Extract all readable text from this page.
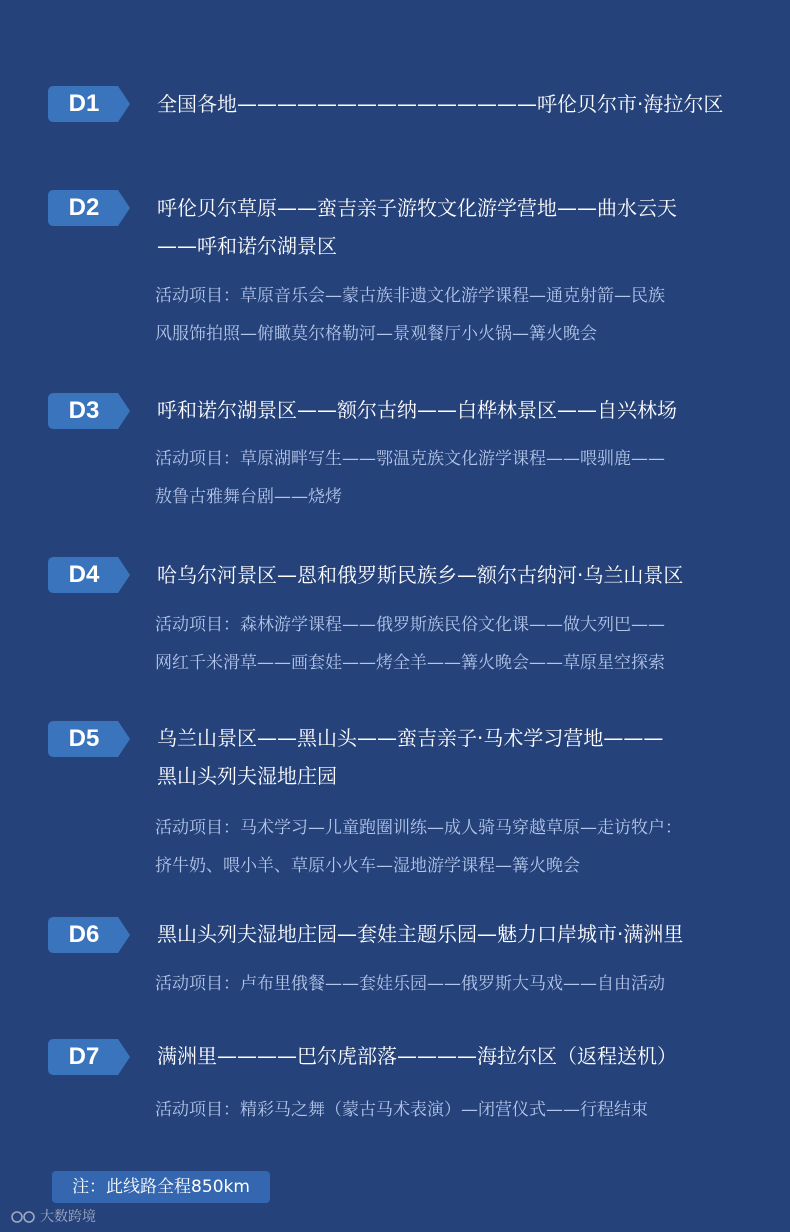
D1	全国各地———————————————呼伦贝尔市·海拉尔区
D2	呼伦贝尔草原——蛮吉亲子游牧文化游学营地——曲水云天
——呼和诺尔湖景区
活动项目：草原音乐会—蒙古族非遗文化游学课程—通克射箭—民族
风服饰拍照—俯瞰莫尔格勒河—景观餐厅小火锅—篝火晚会
D3	呼和诺尔湖景区——额尔古纳——白桦林景区——自兴林场
活动项目：草原湖畔写生——鄂温克族文化游学课程——喂驯鹿——
敖鲁古雅舞台剧——烧烤
D4	哈乌尔河景区—恩和俄罗斯民族乡—额尔古纳河·乌兰山景区
活动项目：森林游学课程——俄罗斯族民俗文化课——做大列巴——
网红千米滑草——画套娃——烤全羊——篝火晚会——草原星空探索
D5	乌兰山景区——黑山头——蛮吉亲子·马术学习营地———
黑山头列夫湿地庄园
活动项目：马术学习—儿童跑圈训练—成人骑马穿越草原—走访牧户：
挤牛奶、喂小羊、草原小火车—湿地游学课程—篝火晚会
D6	黑山头列夫湿地庄园—套娃主题乐园—魅力口岸城市·满洲里
活动项目：卢布里俄餐——套娃乐园——俄罗斯大马戏——自由活动
D7	满洲里————巴尔虎部落————海拉尔区（返程送机）
活动项目：精彩马之舞（蒙古马术表演）—闭营仪式——行程结束
注：此线路全程850km
大数跨境
